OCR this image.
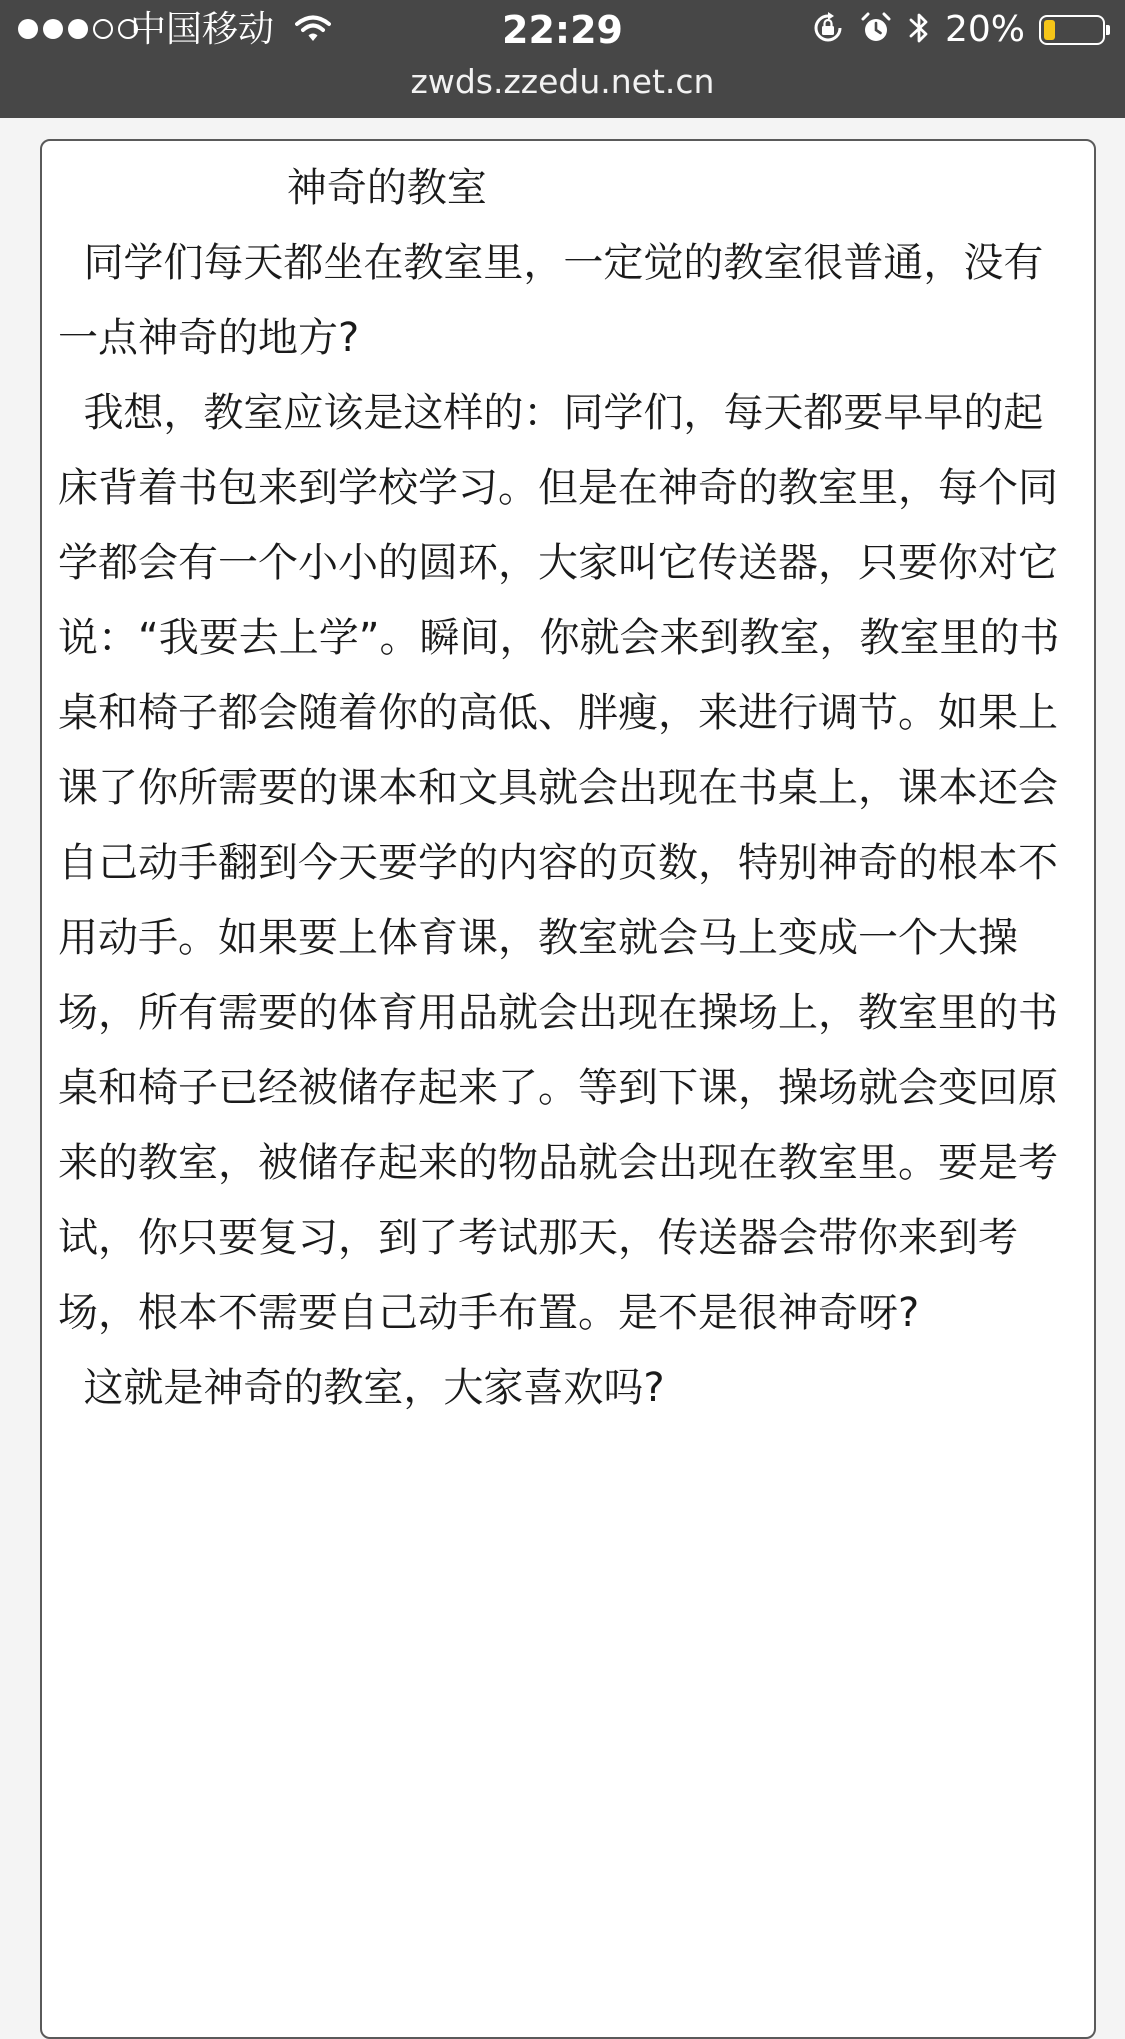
中国移动	22:29	20%
zwds.zzedu.net.cn

神奇的教室

同学们每天都坐在教室里，一定觉的教室很普通，没有一点神奇的地方?

我想，教室应该是这样的：同学们，每天都要早早的起床背着书包来到学校学习。但是在神奇的教室里，每个同学都会有一个小小的圆环，大家叫它传送器，只要你对它说：“我要去上学”。瞬间，你就会来到教室，教室里的书桌和椅子都会随着你的高低、胖瘦，来进行调节。如果上课了你所需要的课本和文具就会出现在书桌上，课本还会自己动手翻到今天要学的内容的页数，特别神奇的根本不用动手。如果要上体育课，教室就会马上变成一个大操场，所有需要的体育用品就会出现在操场上，教室里的书桌和椅子已经被储存起来了。等到下课，操场就会变回原来的教室，被储存起来的物品就会出现在教室里。要是考试，你只要复习，到了考试那天，传送器会带你来到考场，根本不需要自己动手布置。是不是很神奇呀?

这就是神奇的教室，大家喜欢吗?
